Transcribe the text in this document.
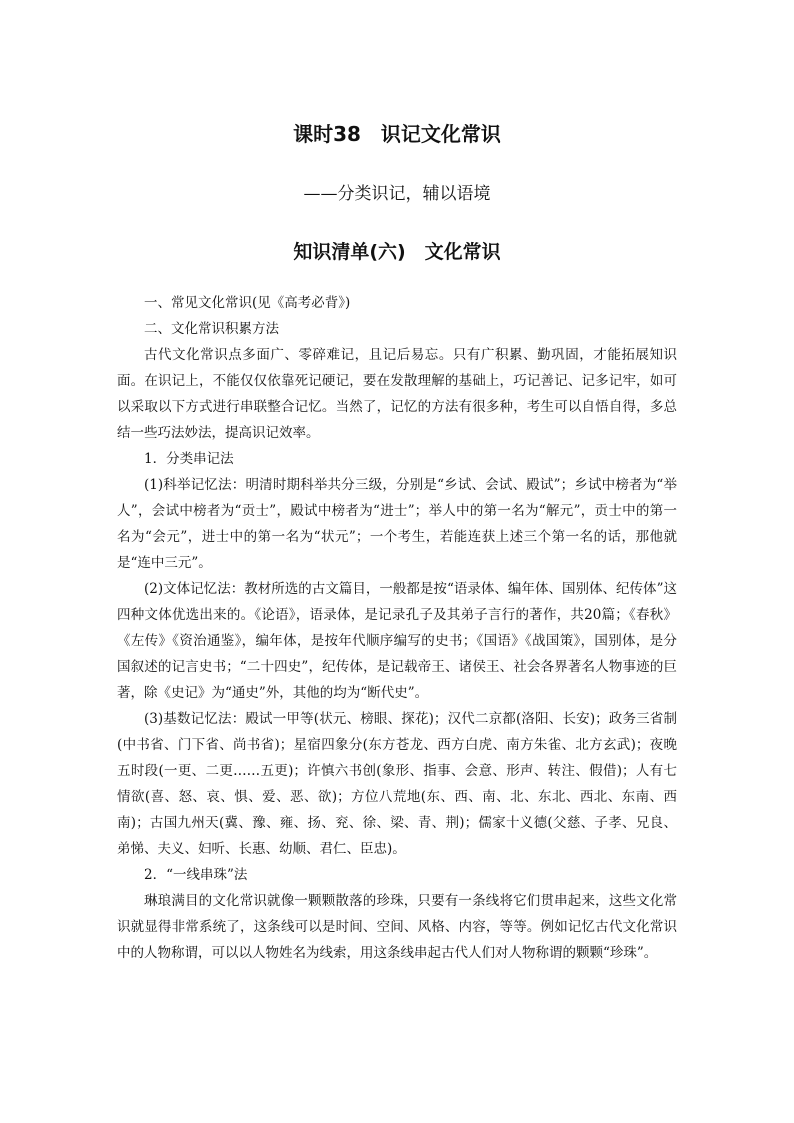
课时38　识记文化常识
——分类识记，辅以语境
知识清单(六)　文化常识

一、常见文化常识(见《高考必背》)

二、文化常识积累方法

古代文化常识点多面广、零碎难记，且记后易忘。只有广积累、勤巩固，才能拓展知识面。在识记上，不能仅仅依靠死记硬记，要在发散理解的基础上，巧记善记、记多记牢，如可以采取以下方式进行串联整合记忆。当然了，记忆的方法有很多种，考生可以自悟自得，多总结一些巧法妙法，提高识记效率。

1．分类串记法

(1)科举记忆法：明清时期科举共分三级，分别是“乡试、会试、殿试”；乡试中榜者为“举人”，会试中榜者为“贡士”，殿试中榜者为“进士”；举人中的第一名为“解元”，贡士中的第一名为“会元”，进士中的第一名为“状元”；一个考生，若能连获上述三个第一名的话，那他就是“连中三元”。

(2)文体记忆法：教材所选的古文篇目，一般都是按“语录体、编年体、国别体、纪传体”这四种文体优选出来的。《论语》，语录体，是记录孔子及其弟子言行的著作，共20篇；《春秋》《左传》《资治通鉴》，编年体，是按年代顺序编写的史书；《国语》《战国策》，国别体，是分国叙述的记言史书；“二十四史”，纪传体，是记载帝王、诸侯王、社会各界著名人物事迹的巨著，除《史记》为“通史”外，其他的均为“断代史”。

(3)基数记忆法：殿试一甲等(状元、榜眼、探花)；汉代二京都(洛阳、长安)；政务三省制(中书省、门下省、尚书省)；星宿四象分(东方苍龙、西方白虎、南方朱雀、北方玄武)；夜晚五时段(一更、二更……五更)；许慎六书创(象形、指事、会意、形声、转注、假借)；人有七情欲(喜、怒、哀、惧、爱、恶、欲)；方位八荒地(东、西、南、北、东北、西北、东南、西南)；古国九州天(冀、豫、雍、扬、兖、徐、梁、青、荆)；儒家十义德(父慈、子孝、兄良、弟悌、夫义、妇听、长惠、幼顺、君仁、臣忠)。

2．“一线串珠”法

琳琅满目的文化常识就像一颗颗散落的珍珠，只要有一条线将它们贯串起来，这些文化常识就显得非常系统了，这条线可以是时间、空间、风格、内容，等等。例如记忆古代文化常识中的人物称谓，可以以人物姓名为线索，用这条线串起古代人们对人物称谓的颗颗“珍珠”。
